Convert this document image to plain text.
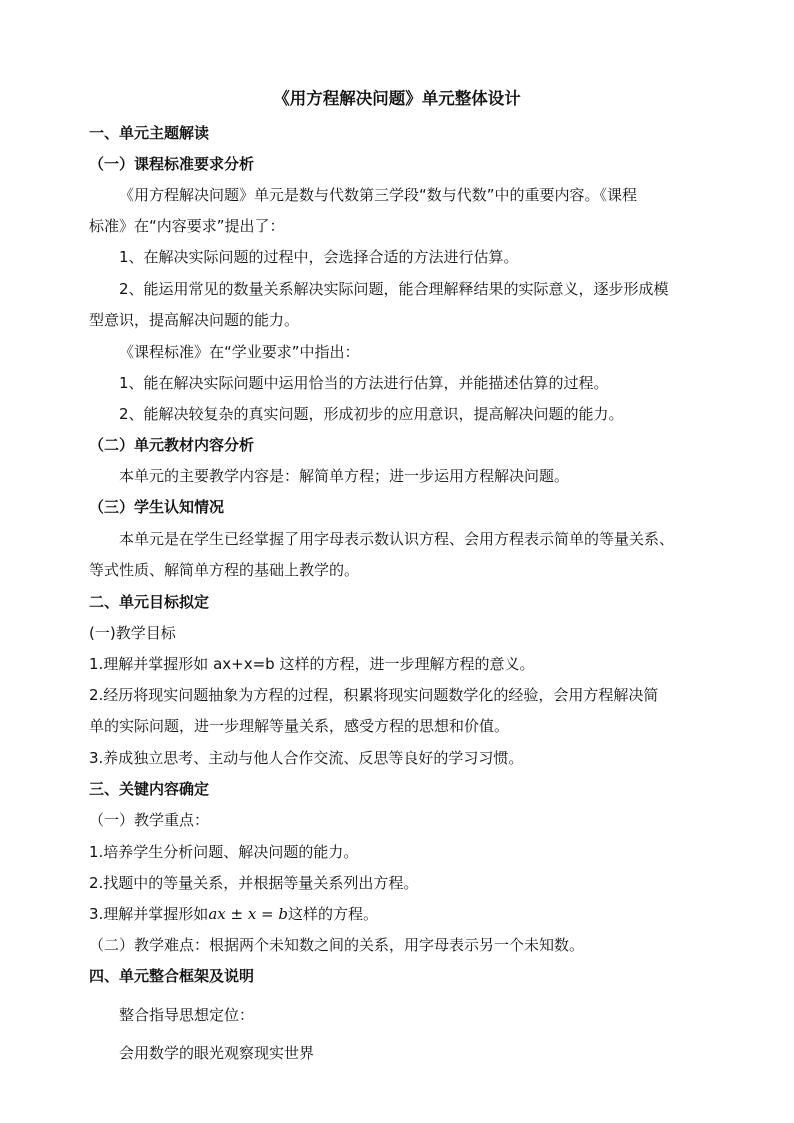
《用方程解决问题》单元整体设计
一、单元主题解读
（一）课程标准要求分析
《用方程解决问题》单元是数与代数第三学段“数与代数”中的重要内容。《课程
标准》在“内容要求”提出了：
1、在解决实际问题的过程中，会选择合适的方法进行估算。
2、能运用常见的数量关系解决实际问题，能合理解释结果的实际意义，逐步形成模
型意识，提高解决问题的能力。
《课程标准》在“学业要求”中指出：
1、能在解决实际问题中运用恰当的方法进行估算，并能描述估算的过程。
2、能解决较复杂的真实问题，形成初步的应用意识，提高解决问题的能力。
（二）单元教材内容分析
本单元的主要教学内容是：解简单方程；进一步运用方程解决问题。
（三）学生认知情况
本单元是在学生已经掌握了用字母表示数认识方程、会用方程表示简单的等量关系、
等式性质、解简单方程的基础上教学的。
二、单元目标拟定
(一)教学目标
1.理解并掌握形如 ax+x=b 这样的方程，进一步理解方程的意义。
2.经历将现实问题抽象为方程的过程，积累将现实问题数学化的经验，会用方程解决简
单的实际问题，进一步理解等量关系，感受方程的思想和价值。
3.养成独立思考、主动与他人合作交流、反思等良好的学习习惯。
三、关键内容确定
（一）教学重点：
1.培养学生分析问题、解决问题的能力。
2.找题中的等量关系，并根据等量关系列出方程。
3.理解并掌握形如ax ± x = b这样的方程。
（二）教学难点：根据两个未知数之间的关系，用字母表示另一个未知数。
四、单元整合框架及说明
整合指导思想定位：
会用数学的眼光观察现实世界
